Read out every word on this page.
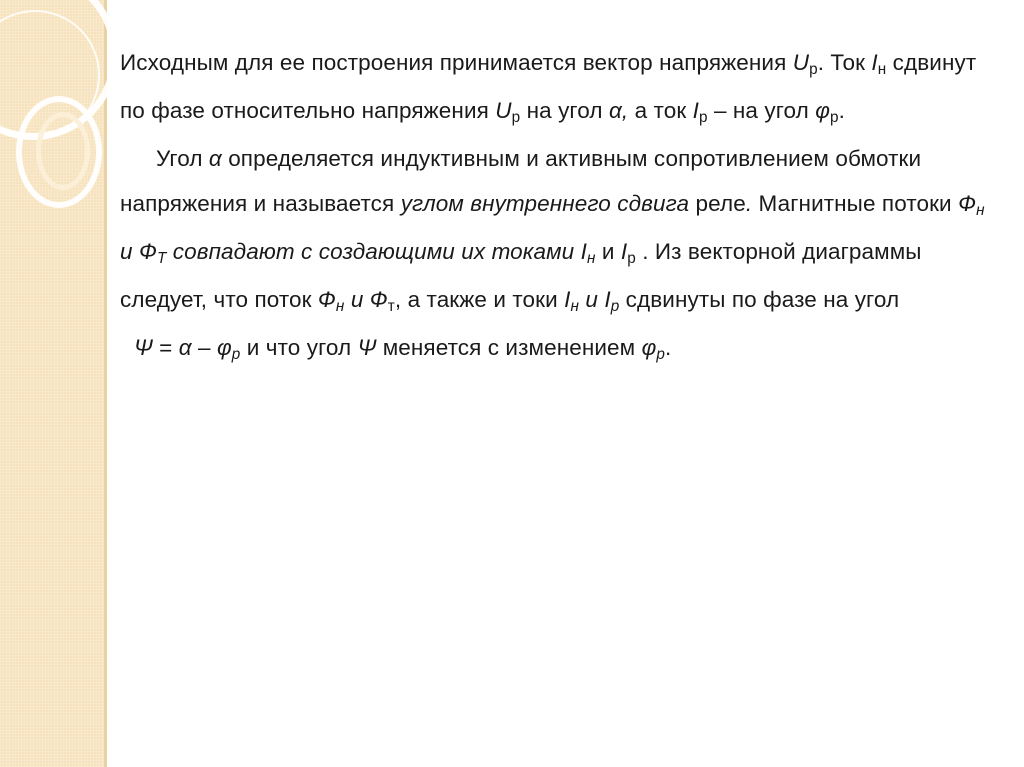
Исходным для ее построения принимается вектор напряжения $U_р$. Ток $I_н$ сдвинут по фазе относительно напряжения $U_р$ на угол α, а ток $I_р$ – на угол $\varphi_р$.

Угол α определяется индуктивным и активным сопротивлением обмотки напряжения и называется углом внутреннего сдвига реле. Магнитные потоки $Ф_н$ и $Ф_Т$ совпадают с создающими их токами $I_н$ и $I_р$ . Из векторной диаграммы следует, что поток $Ф_н$ и $Ф_т$, а также и токи $I_н$ и $I_р$ сдвинуты по фазе на угол

$\Psi = \alpha - \varphi_р$ и что угол Ψ меняется с изменением $\varphi_р$.
